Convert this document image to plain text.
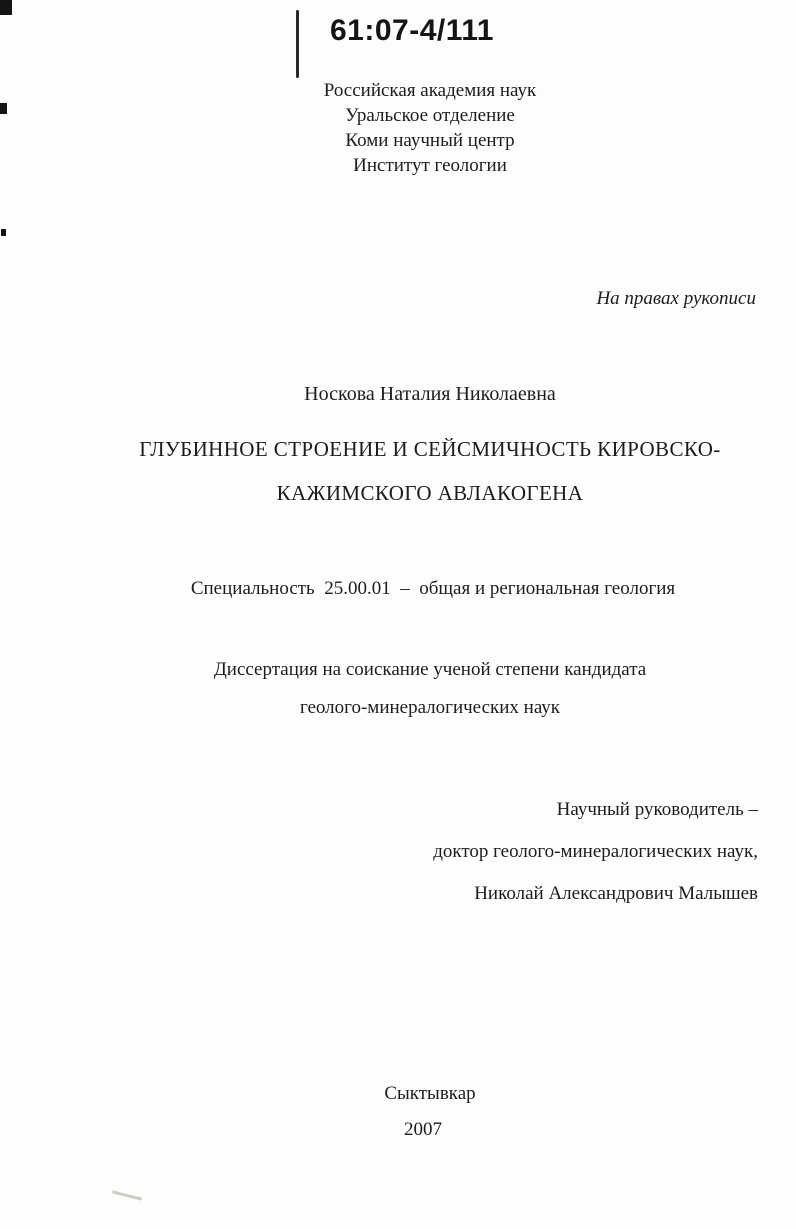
61:07-4/111
Российская академия наук
Уральское отделение
Коми научный центр
Институт геологии
На правах рукописи
Носкова Наталия Николаевна
ГЛУБИННОЕ СТРОЕНИЕ И СЕЙСМИЧНОСТЬ КИРОВСКО-
КАЖИМСКОГО АВЛАКОГЕНА
Специальность  25.00.01  –  общая и региональная геология
Диссертация на соискание ученой степени кандидата
геолого-минералогических наук
Научный руководитель –
доктор геолого-минералогических наук,
Николай Александрович Малышев
Сыктывкар
2007
